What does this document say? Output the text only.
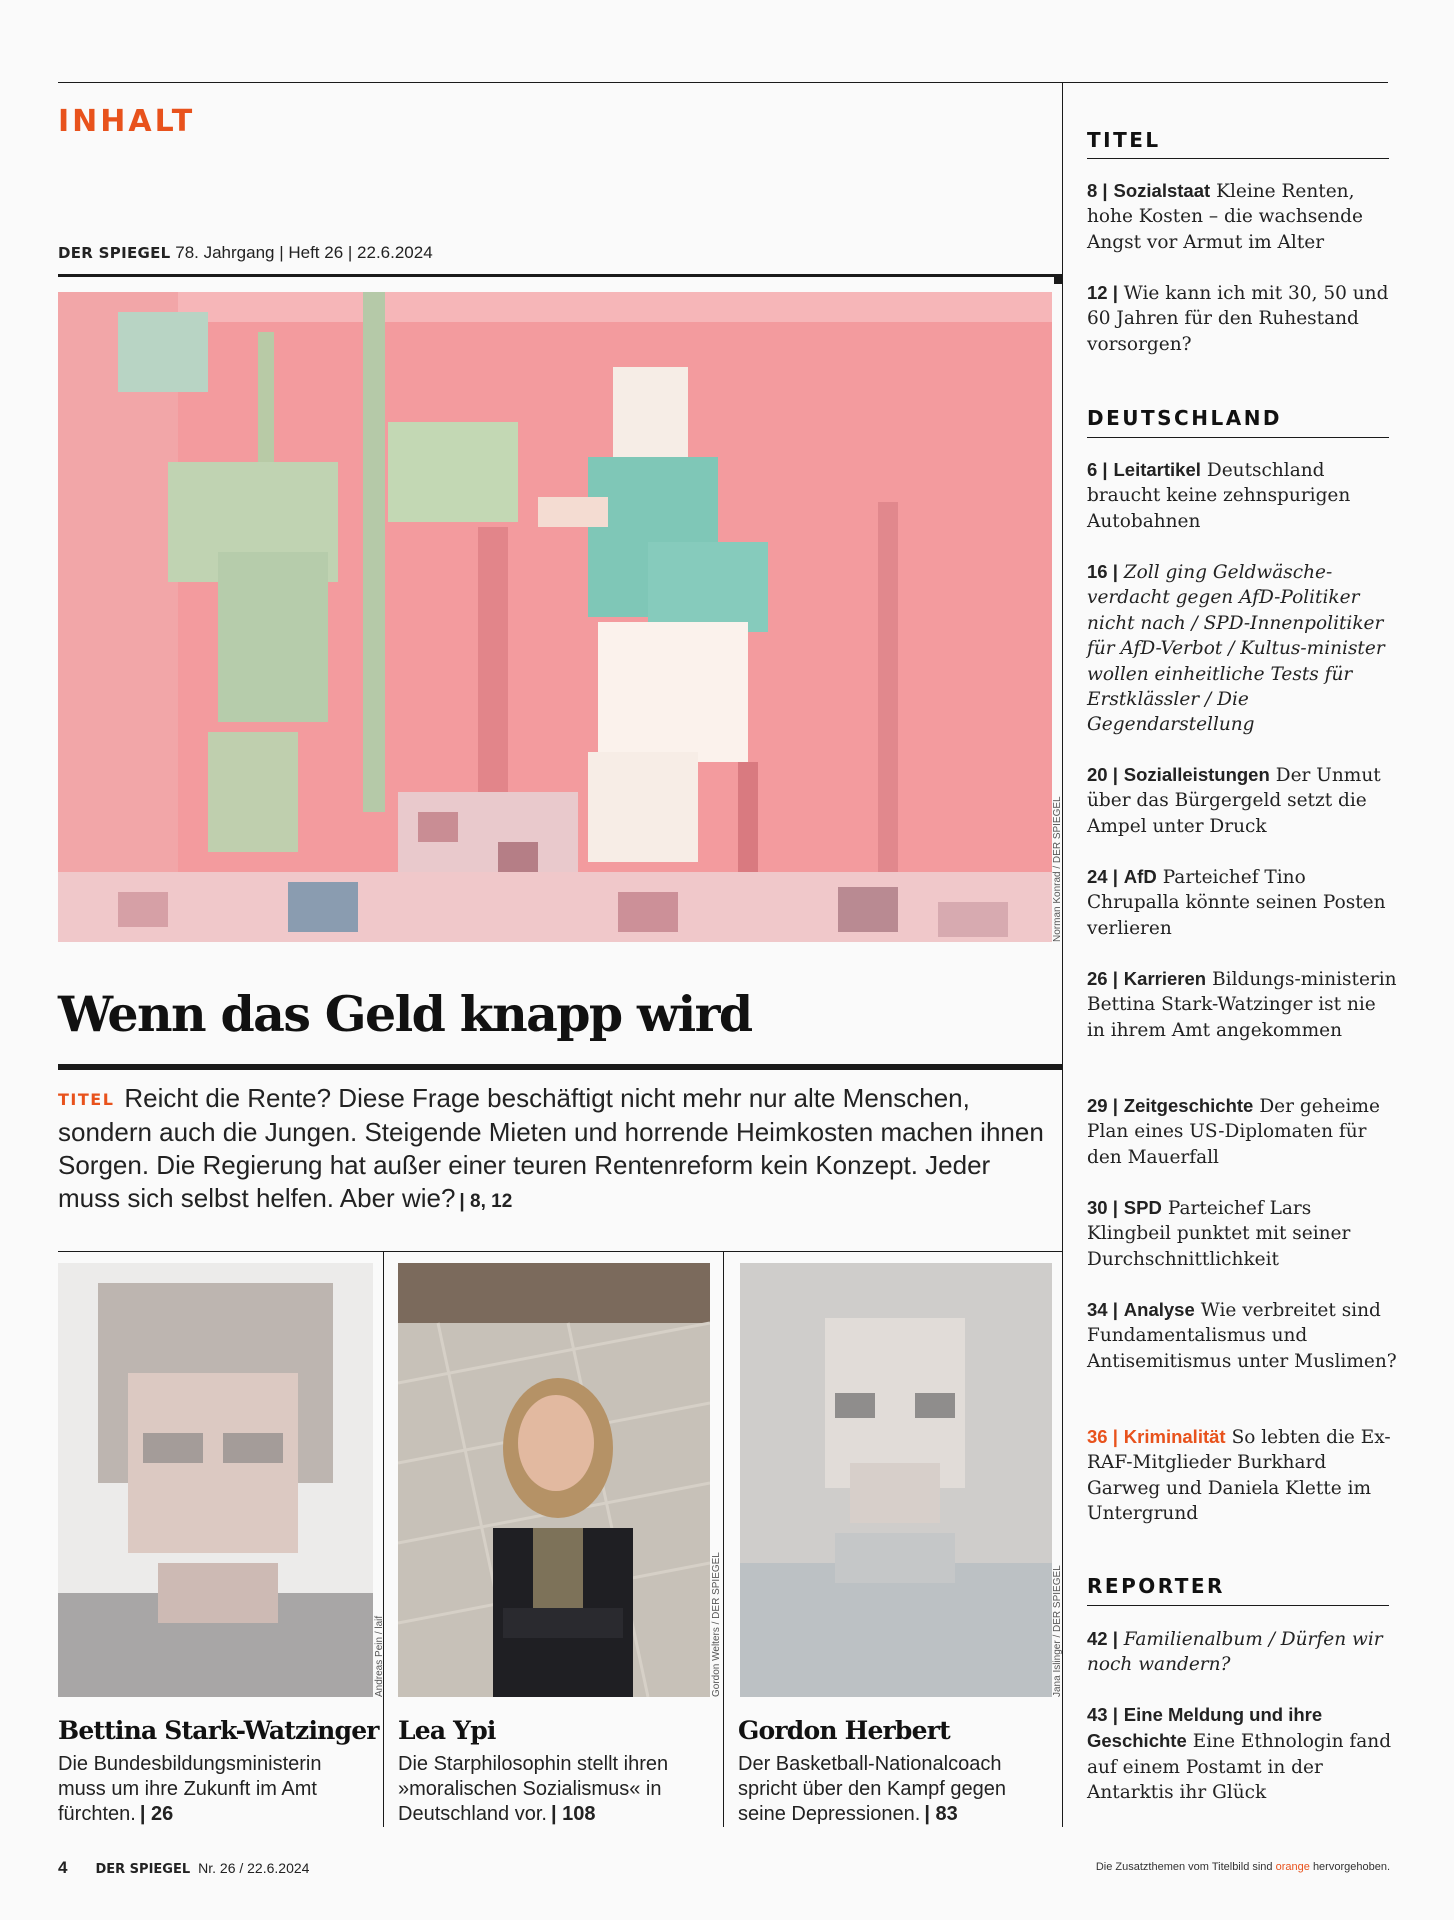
INHALT
DER SPIEGEL 78. Jahrgang | Heft 26 | 22.6.2024
Norman Konrad / DER SPIEGEL
Wenn das Geld knapp wird
TITEL Reicht die Rente? Diese Frage beschäftigt nicht mehr nur alte Menschen, sondern auch die Jungen. Steigende Mieten und horrende Heimkosten machen ihnen Sorgen. Die Regierung hat außer einer teuren Rentenreform kein Konzept. Jeder muss sich selbst helfen. Aber wie? | 8, 12
Andreas Pein / laif	Gordon Welters / DER SPIEGEL	Jana Islinger / DER SPIEGEL
Bettina Stark-Watzinger
Die Bundesbildungsministerin muss um ihre Zukunft im Amt fürchten. | 26
Lea Ypi
Die Starphilosophin stellt ihren »moralischen Sozialismus« in Deutschland vor. | 108
Gordon Herbert
Der Basketball-Nationalcoach spricht über den Kampf gegen seine Depressionen. | 83
TITEL
8 | Sozialstaat Kleine Renten, hohe Kosten – die wachsende Angst vor Armut im Alter
12 | Wie kann ich mit 30, 50 und 60 Jahren für den Ruhestand vorsorgen?
DEUTSCHLAND
6 | Leitartikel Deutschland braucht keine zehnspurigen Autobahnen
16 | Zoll ging Geldwäsche-verdacht gegen AfD-Politiker nicht nach / SPD-Innenpolitiker für AfD-Verbot / Kultus-minister wollen einheitliche Tests für Erstklässler / Die Gegendarstellung
20 | Sozialleistungen Der Unmut über das Bürgergeld setzt die Ampel unter Druck
24 | AfD Parteichef Tino Chrupalla könnte seinen Posten verlieren
26 | Karrieren Bildungs-ministerin Bettina Stark-Watzinger ist nie in ihrem Amt angekommen
29 | Zeitgeschichte Der geheime Plan eines US-Diplomaten für den Mauerfall
30 | SPD Parteichef Lars Klingbeil punktet mit seiner Durchschnittlichkeit
34 | Analyse Wie verbreitet sind Fundamentalismus und Antisemitismus unter Muslimen?
36 | Kriminalität So lebten die Ex-RAF-Mitglieder Burkhard Garweg und Daniela Klette im Untergrund
REPORTER
42 | Familienalbum / Dürfen wir noch wandern?
43 | Eine Meldung und ihre Geschichte Eine Ethnologin fand auf einem Postamt in der Antarktis ihr Glück
4 DER SPIEGEL Nr. 26 / 22.6.2024	Die Zusatzthemen vom Titelbild sind orange hervorgehoben.
